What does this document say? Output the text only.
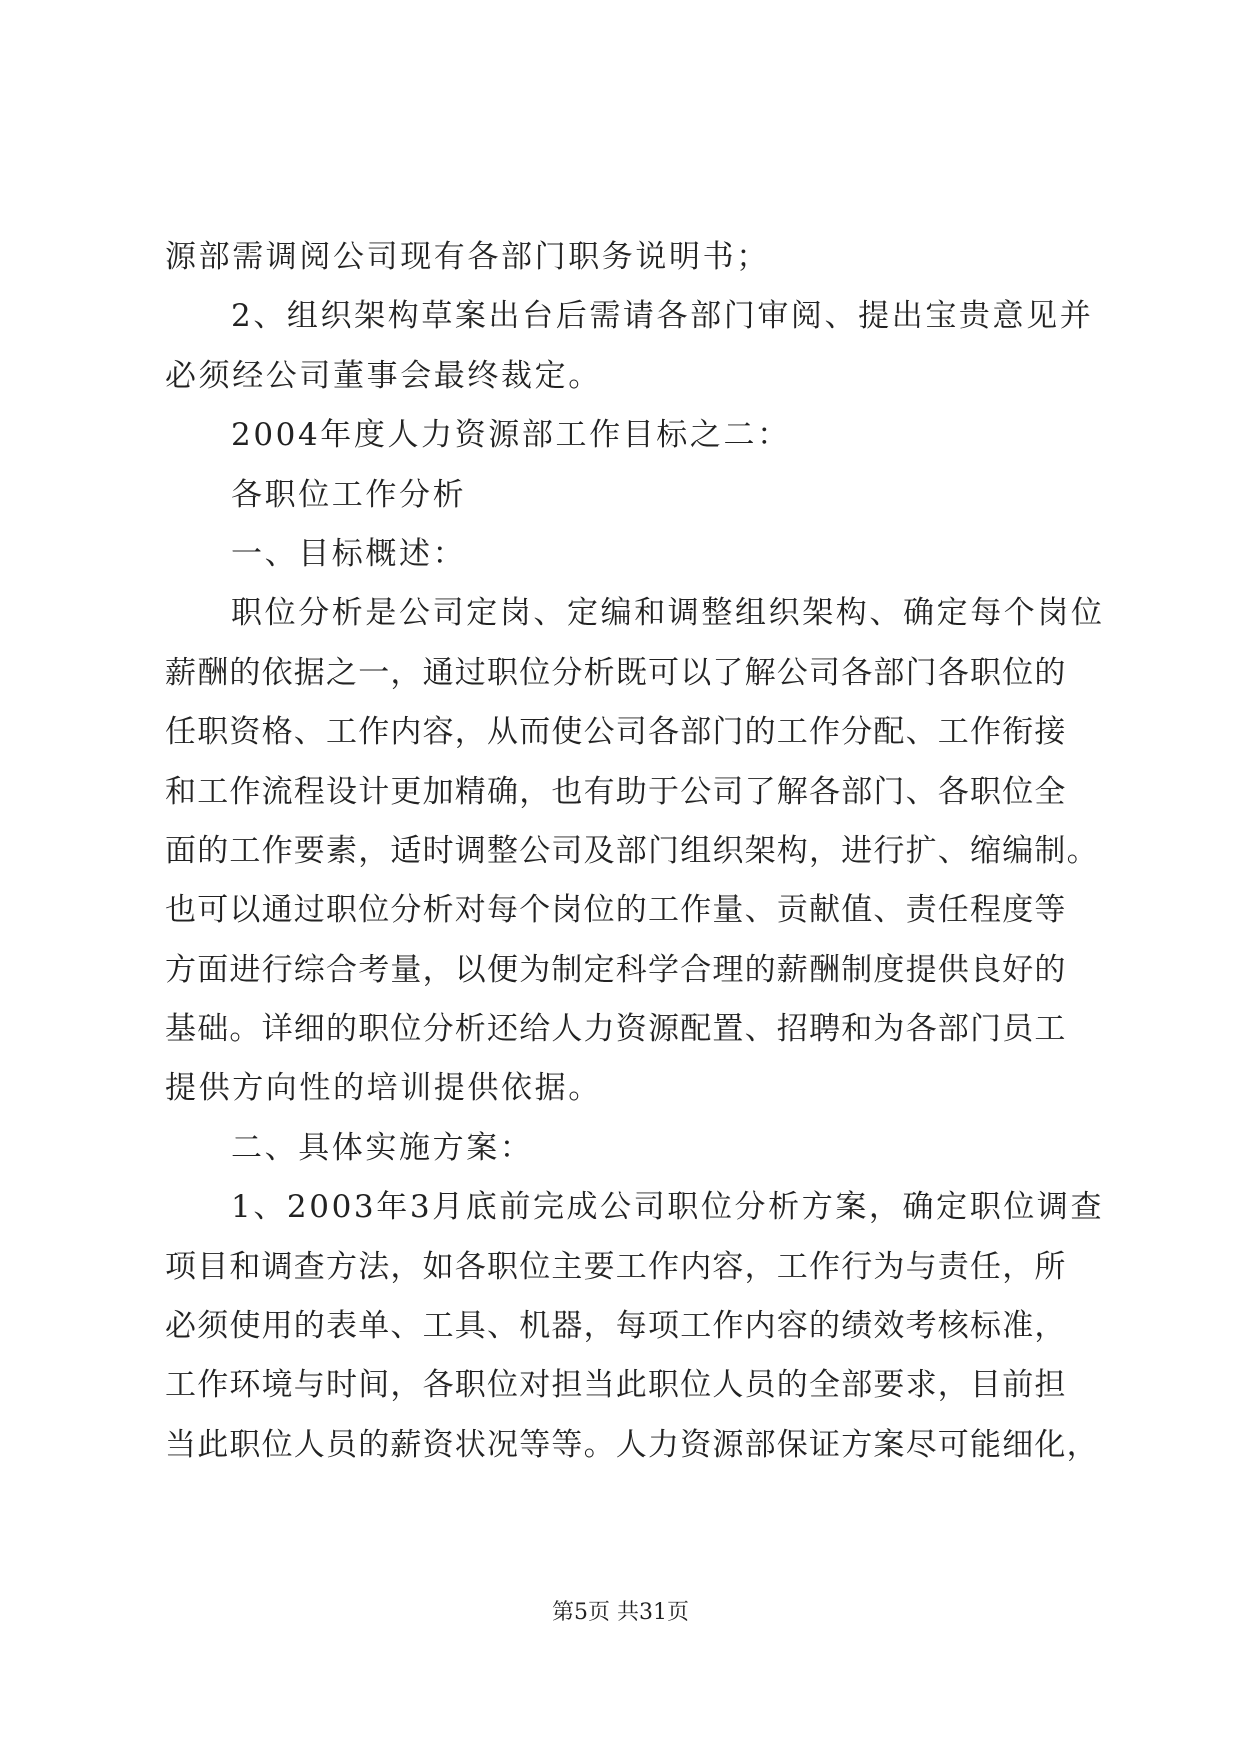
源部需调阅公司现有各部门职务说明书；
2、组织架构草案出台后需请各部门审阅、提出宝贵意见并
必须经公司董事会最终裁定。
2004年度人力资源部工作目标之二：
各职位工作分析
一、目标概述：
职位分析是公司定岗、定编和调整组织架构、确定每个岗位
薪酬的依据之一，通过职位分析既可以了解公司各部门各职位的
任职资格、工作内容，从而使公司各部门的工作分配、工作衔接
和工作流程设计更加精确，也有助于公司了解各部门、各职位全
面的工作要素，适时调整公司及部门组织架构，进行扩、缩编制。
也可以通过职位分析对每个岗位的工作量、贡献值、责任程度等
方面进行综合考量，以便为制定科学合理的薪酬制度提供良好的
基础。详细的职位分析还给人力资源配置、招聘和为各部门员工
提供方向性的培训提供依据。
二、具体实施方案：
1、2003年3月底前完成公司职位分析方案，确定职位调查
项目和调查方法，如各职位主要工作内容，工作行为与责任，所
必须使用的表单、工具、机器，每项工作内容的绩效考核标准，
工作环境与时间，各职位对担当此职位人员的全部要求，目前担
当此职位人员的薪资状况等等。人力资源部保证方案尽可能细化，
第5页 共31页
